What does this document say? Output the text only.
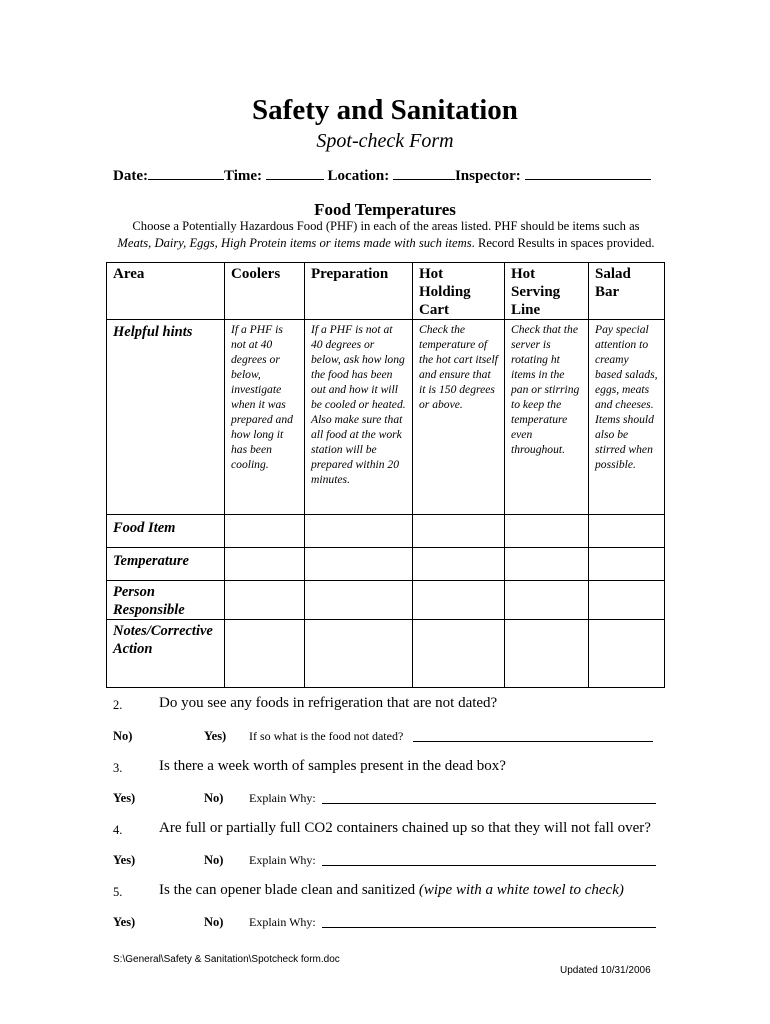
Safety and Sanitation
Spot-check Form
Date:	Time:	Location:	Inspector:
Food Temperatures
Choose a Potentially Hazardous Food (PHF) in each of the areas listed. PHF should be items such as
Meats, Dairy, Eggs, High Protein items or items made with such items. Record Results in spaces provided.
Area	Coolers	Preparation	Hot Holding Cart	Hot Serving Line	Salad Bar
Helpful hints	If a PHF is not at 40 degrees or below, investigate when it was prepared and how long it has been cooling.	If a PHF is not at 40 degrees or below, ask how long the food has been out and how it will be cooled or heated. Also make sure that all food at the work station will be prepared within 20 minutes.	Check the temperature of the hot cart itself and ensure that it is 150 degrees or above.	Check that the server is rotating ht items in the pan or stirring to keep the temperature even throughout.	Pay special attention to creamy based salads, eggs, meats and cheeses. Items should also be stirred when possible.
Food Item					
Temperature					
Person Responsible					
Notes/Corrective Action					
2. Do you see any foods in refrigeration that are not dated?
No)	Yes) If so what is the food not dated?
3. Is there a week worth of samples present in the dead box?
Yes)	No) Explain Why:
4. Are full or partially full CO2 containers chained up so that they will not fall over?
Yes)	No) Explain Why:
5. Is the can opener blade clean and sanitized (wipe with a white towel to check)
Yes)	No) Explain Why:
S:\General\Safety & Sanitation\Spotcheck form.doc
Updated 10/31/2006
